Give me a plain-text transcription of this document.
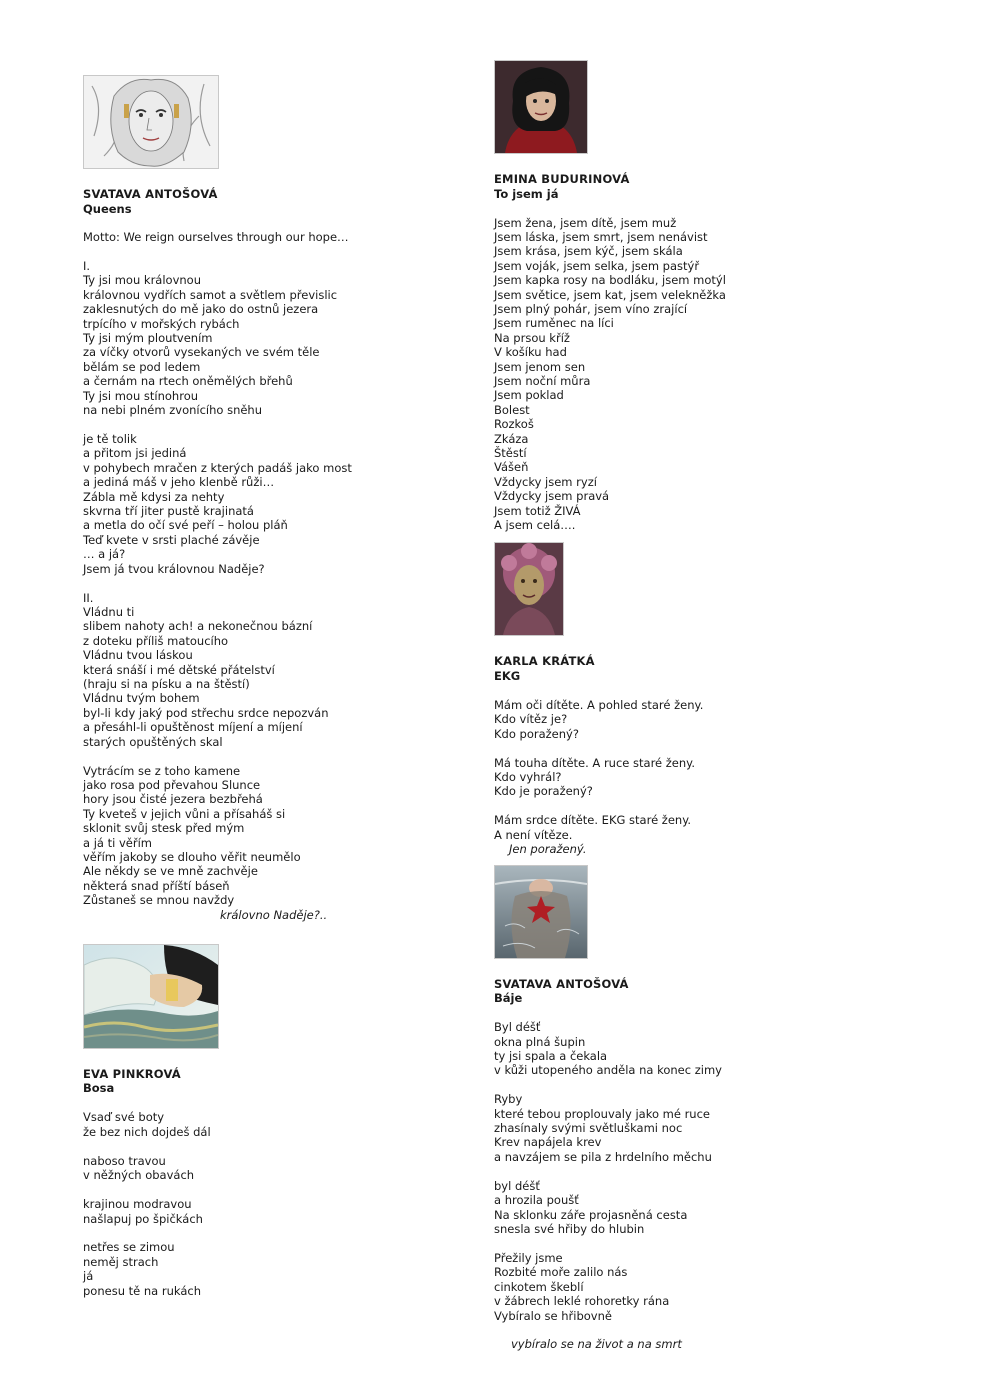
SVATAVA ANTOŠOVÁ
Queens
Motto: We reign ourselves through our hope…
I.
Ty jsi mou královnou
královnou vydřích samot a světlem převislic
zaklesnutých do mě jako do ostnů jezera
trpícího v mořských rybách
Ty jsi mým ploutvením
za víčky otvorů vysekaných ve svém těle
bělám se pod ledem
a černám na rtech oněmělých břehů
Ty jsi mou stínohrou
na nebi plném zvonícího sněhu
je tě tolik
a přitom jsi jediná
v pohybech mračen z kterých padáš jako most
a jediná máš v jeho klenbě růži…
Zábla mě kdysi za nehty
skvrna tří jiter pustě krajinatá
a metla do očí své peří – holou pláň
Teď kvete v srsti plaché závěje
… a já?
Jsem já tvou královnou Naděje?
II.
Vládnu ti
slibem nahoty ach! a nekonečnou bázní
z doteku příliš matoucího
Vládnu tvou láskou
která snáší i mé dětské přátelství
(hraju si na písku a na štěstí)
Vládnu tvým bohem
byl-li kdy jaký pod střechu srdce nepozván
a přesáhl-li opuštěnost míjení a míjení
starých opuštěných skal
Vytrácím se z toho kamene
jako rosa pod převahou Slunce
hory jsou čisté jezera bezbřehá
Ty kveteš v jejich vůni a přísaháš si
sklonit svůj stesk před mým
a já ti věřím
věřím jakoby se dlouho věřit neumělo
Ale někdy se ve mně zachvěje
některá snad příští báseň
Zůstaneš se mnou navždy
královno Naděje?..
EVA PINKROVÁ
Bosa
Vsaď své boty
že bez nich dojdeš dál
naboso travou
v něžných obavách
krajinou modravou
našlapuj po špičkách
netřes se zimou
neměj strach
já
ponesu tě na rukách
EMINA BUDURINOVÁ
To jsem já
Jsem žena, jsem dítě, jsem muž
Jsem láska, jsem smrt, jsem nenávist
Jsem krása, jsem kýč, jsem skála
Jsem voják, jsem selka, jsem pastýř
Jsem kapka rosy na bodláku, jsem motýl
Jsem světice, jsem kat, jsem velekněžka
Jsem plný pohár, jsem víno zrající
Jsem ruměnec na líci
Na prsou kříž
V košíku had
Jsem jenom sen
Jsem noční můra
Jsem poklad
Bolest
Rozkoš
Zkáza
Štěstí
Vášeň
Vždycky jsem ryzí
Vždycky jsem pravá
Jsem totiž ŽIVÁ
A jsem celá….
KARLA KRÁTKÁ
EKG
Mám oči dítěte. A pohled staré ženy.
Kdo vítěz je?
Kdo poražený?
Má touha dítěte. A ruce staré ženy.
Kdo vyhrál?
Kdo je poražený?
Mám srdce dítěte. EKG staré ženy.
A není vítěze.
Jen poražený.
SVATAVA ANTOŠOVÁ
Báje
Byl déšť
okna plná šupin
ty jsi spala a čekala
v kůži utopeného anděla na konec zimy
Ryby
které tebou proplouvaly jako mé ruce
zhasínaly svými světluškami noc
Krev napájela krev
a navzájem se pila z hrdelního měchu
byl déšť
a hrozila poušť
Na sklonku záře projasněná cesta
snesla své hřiby do hlubin
Přežily jsme
Rozbité moře zalilo nás
cinkotem škeblí
v žábrech leklé rohoretky rána
Vybíralo se hřibovně
vybíralo se na život a na smrt
